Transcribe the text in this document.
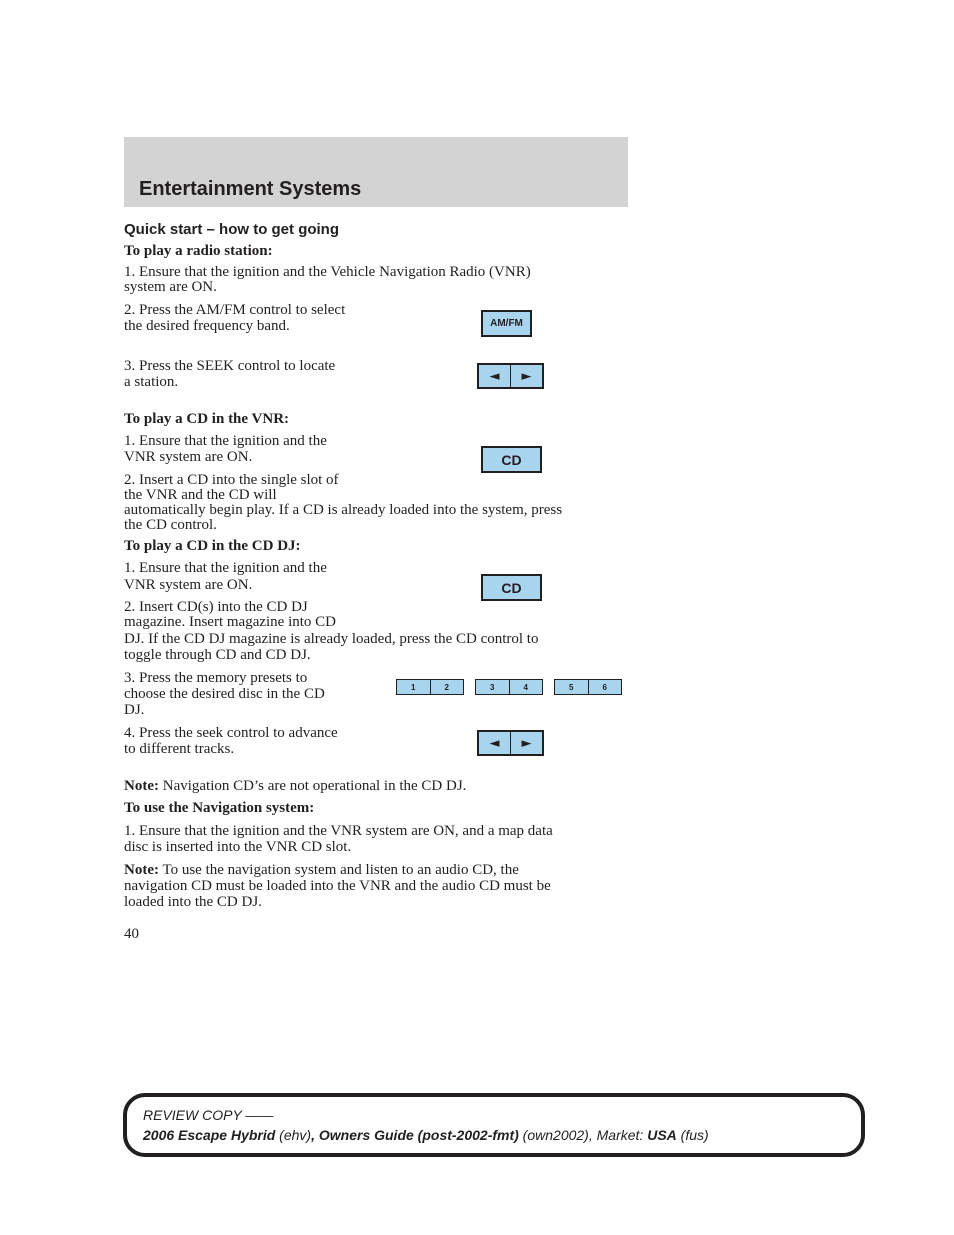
Entertainment Systems
Quick start – how to get going
To play a radio station:
1. Ensure that the ignition and the Vehicle Navigation Radio (VNR)
system are ON.
2. Press the AM/FM control to select
the desired frequency band.	AM/FM
3. Press the SEEK control to locate
a station.	◄	►
To play a CD in the VNR:
1. Ensure that the ignition and the
VNR system are ON.	CD
2. Insert a CD into the single slot of
the VNR and the CD will
automatically begin play. If a CD is already loaded into the system, press
the CD control.
To play a CD in the CD DJ:
1. Ensure that the ignition and the
VNR system are ON.	CD
2. Insert CD(s) into the CD DJ
magazine. Insert magazine into CD
DJ. If the CD DJ magazine is already loaded, press the CD control to
toggle through CD and CD DJ.
3. Press the memory presets to
choose the desired disc in the CD
DJ.
1	2	3	4	5	6
4. Press the seek control to advance
to different tracks.	◄	►
Note: Navigation CD’s are not operational in the CD DJ.
To use the Navigation system:
1. Ensure that the ignition and the VNR system are ON, and a map data
disc is inserted into the VNR CD slot.
Note: To use the navigation system and listen to an audio CD, the
navigation CD must be loaded into the VNR and the audio CD must be
loaded into the CD DJ.
40
REVIEW COPY ——
2006 Escape Hybrid (ehv), Owners Guide (post-2002-fmt) (own2002), Market: USA (fus)
